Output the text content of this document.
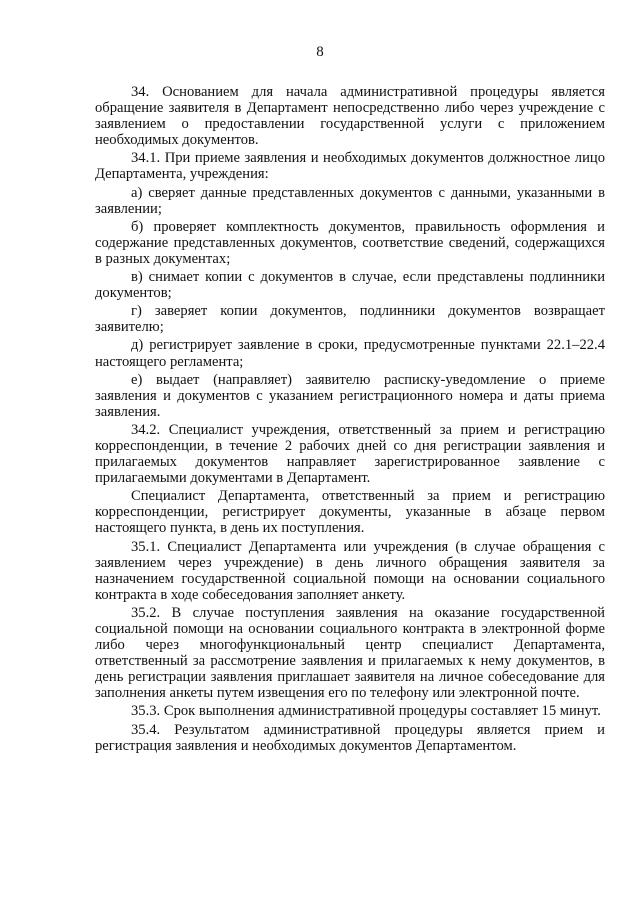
8

34. Основанием для начала административной процедуры является обращение заявителя в Департамент непосредственно либо через учреждение с заявлением о предоставлении государственной услуги с приложением необходимых документов.

34.1. При приеме заявления и необходимых документов должностное лицо Департамента, учреждения:

а) сверяет данные представленных документов с данными, указанными в заявлении;

б) проверяет комплектность документов, правильность оформления и содержание представленных документов, соответствие сведений, содержащихся в разных документах;

в) снимает копии с документов в случае, если представлены подлинники документов;

г) заверяет копии документов, подлинники документов возвращает заявителю;

д) регистрирует заявление в сроки, предусмотренные пунктами 22.1–22.4 настоящего регламента;

е) выдает (направляет) заявителю расписку-уведомление о приеме заявления и документов с указанием регистрационного номера и даты приема заявления.

34.2. Специалист учреждения, ответственный за прием и регистрацию корреспонденции, в течение 2 рабочих дней со дня регистрации заявления и прилагаемых документов направляет зарегистрированное заявление с прилагаемыми документами в Департамент.

Специалист Департамента, ответственный за прием и регистрацию корреспонденции, регистрирует документы, указанные в абзаце первом настоящего пункта, в день их поступления.

35.1. Специалист Департамента или учреждения (в случае обращения с заявлением через учреждение) в день личного обращения заявителя за назначением государственной социальной помощи на основании социального контракта в ходе собеседования заполняет анкету.

35.2. В случае поступления заявления на оказание государственной социальной помощи на основании социального контракта в электронной форме либо через многофункциональный центр специалист Департамента, ответственный за рассмотрение заявления и прилагаемых к нему документов, в день регистрации заявления приглашает заявителя на личное собеседование для заполнения анкеты путем извещения его по телефону или электронной почте.

35.3. Срок выполнения административной процедуры составляет 15 минут.

35.4. Результатом административной процедуры является прием и регистрация заявления и необходимых документов Департаментом.
